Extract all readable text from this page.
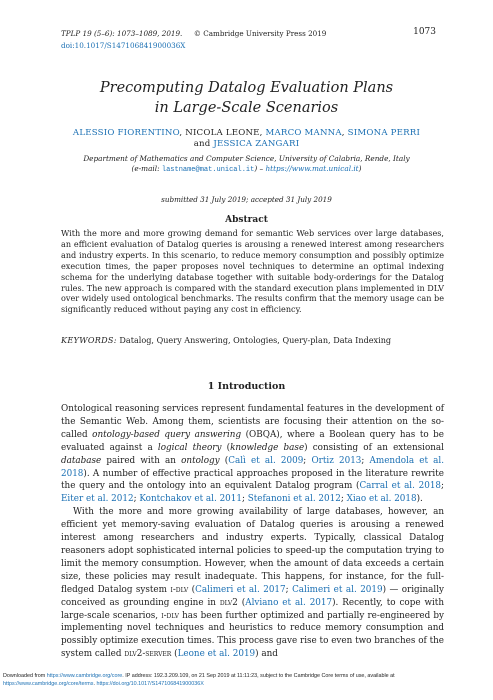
TPLP 19 (5–6): 1073–1089, 2019. © Cambridge University Press 2019	1073
doi:10.1017/S147106841900036X
Precomputing Datalog Evaluation Plans
in Large-Scale Scenarios
ALESSIO FIORENTINO, NICOLA LEONE, MARCO MANNA, SIMONA PERRI
and JESSICA ZANGARI
Department of Mathematics and Computer Science, University of Calabria, Rende, Italy
(e-mail: lastname@mat.unical.it) – https://www.mat.unical.it)
submitted 31 July 2019; accepted 31 July 2019
Abstract
With the more and more growing demand for semantic Web services over large databases, an efficient evaluation of Datalog queries is arousing a renewed interest among researchers and industry experts. In this scenario, to reduce memory consumption and possibly optimize execution times, the paper proposes novel techniques to determine an optimal indexing schema for the underlying database together with suitable body-orderings for the Datalog rules. The new approach is compared with the standard execution plans implemented in DLV over widely used ontological benchmarks. The results confirm that the memory usage can be significantly reduced without paying any cost in efficiency.
KEYWORDS: Datalog, Query Answering, Ontologies, Query-plan, Data Indexing
1 Introduction

Ontological reasoning services represent fundamental features in the development of the Semantic Web. Among them, scientists are focusing their attention on the so-called ontology-based query answering (OBQA), where a Boolean query has to be evaluated against a logical theory (knowledge base) consisting of an extensional database paired with an ontology (Calì et al. 2009; Ortiz 2013; Amendola et al. 2018). A number of effective practical approaches proposed in the literature rewrite the query and the ontology into an equivalent Datalog program (Carral et al. 2018; Eiter et al. 2012; Kontchakov et al. 2011; Stefanoni et al. 2012; Xiao et al. 2018).

With the more and more growing availability of large databases, however, an efficient yet memory-saving evaluation of Datalog queries is arousing a renewed interest among researchers and industry experts. Typically, classical Datalog reasoners adopt sophisticated internal policies to speed-up the computation trying to limit the memory consumption. However, when the amount of data exceeds a certain size, these policies may result inadequate. This happens, for instance, for the full-fledged Datalog system i-dlv (Calimeri et al. 2017; Calimeri et al. 2019) — originally conceived as grounding engine in dlv2 (Alviano et al. 2017). Recently, to cope with large-scale scenarios, i-dlv has been further optimized and partially re-engineered by implementing novel techniques and heuristics to reduce memory consumption and possibly optimize execution times. This process gave rise to even two branches of the system called dlv2-server (Leone et al. 2019) and

Downloaded from https://www.cambridge.org/core. IP address: 192.3.209.109, on 21 Sep 2019 at 11:11:23, subject to the Cambridge Core terms of use, available at
https://www.cambridge.org/core/terms. https://doi.org/10.1017/S147106841900036X
